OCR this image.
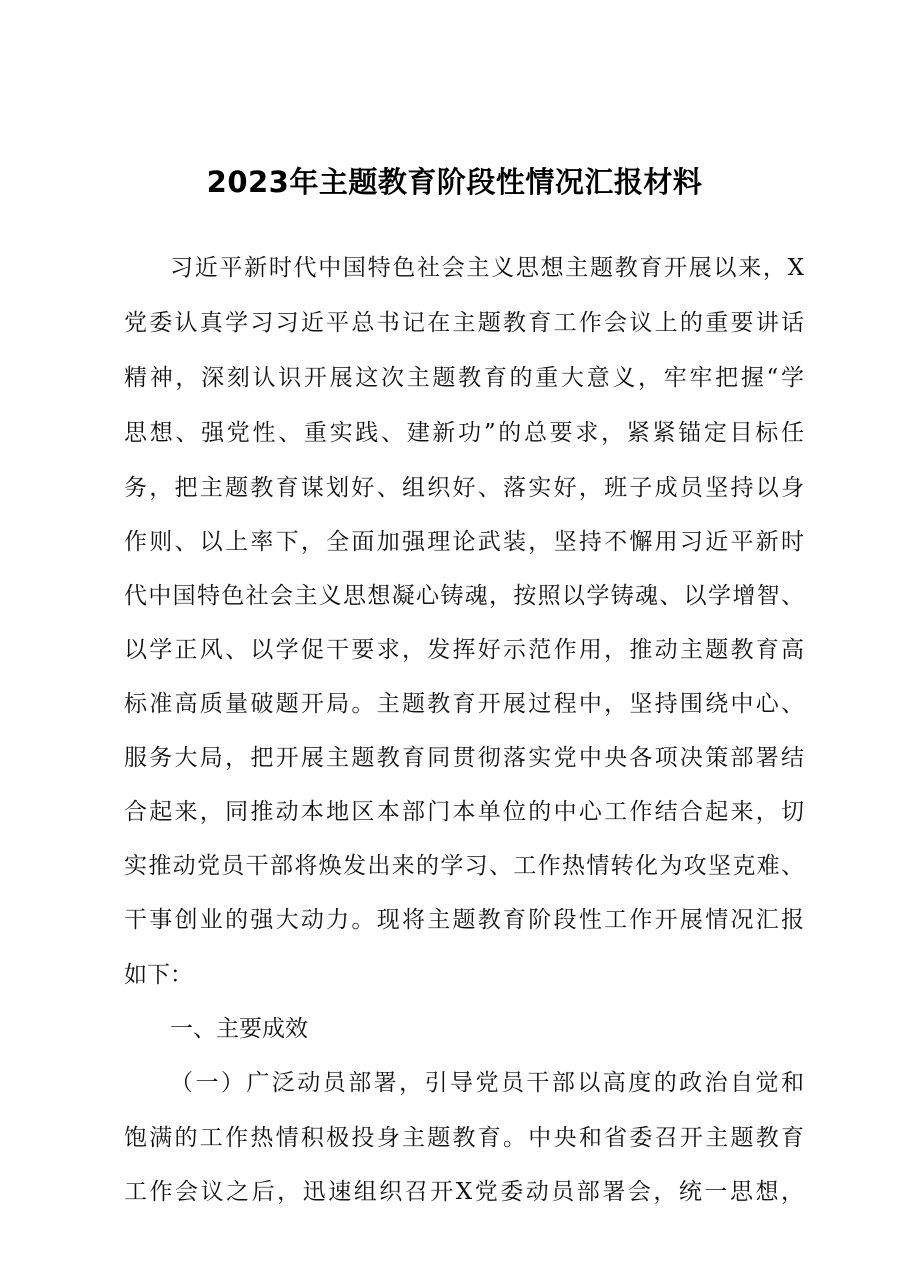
2023年主题教育阶段性情况汇报材料
习近平新时代中国特色社会主义思想主题教育开展以来，X
党委认真学习习近平总书记在主题教育工作会议上的重要讲话
精神，深刻认识开展这次主题教育的重大意义，牢牢把握“学
思想、强党性、重实践、建新功”的总要求，紧紧锚定目标任
务，把主题教育谋划好、组织好、落实好，班子成员坚持以身
作则、以上率下，全面加强理论武装，坚持不懈用习近平新时
代中国特色社会主义思想凝心铸魂，按照以学铸魂、以学增智、
以学正风、以学促干要求，发挥好示范作用，推动主题教育高
标准高质量破题开局。主题教育开展过程中，坚持围绕中心、
服务大局，把开展主题教育同贯彻落实党中央各项决策部署结
合起来，同推动本地区本部门本单位的中心工作结合起来，切
实推动党员干部将焕发出来的学习、工作热情转化为攻坚克难、
干事创业的强大动力。现将主题教育阶段性工作开展情况汇报
如下：
一、主要成效
（一）广泛动员部署，引导党员干部以高度的政治自觉和
饱满的工作热情积极投身主题教育。中央和省委召开主题教育
工作会议之后，迅速组织召开X党委动员部署会，统一思想，
